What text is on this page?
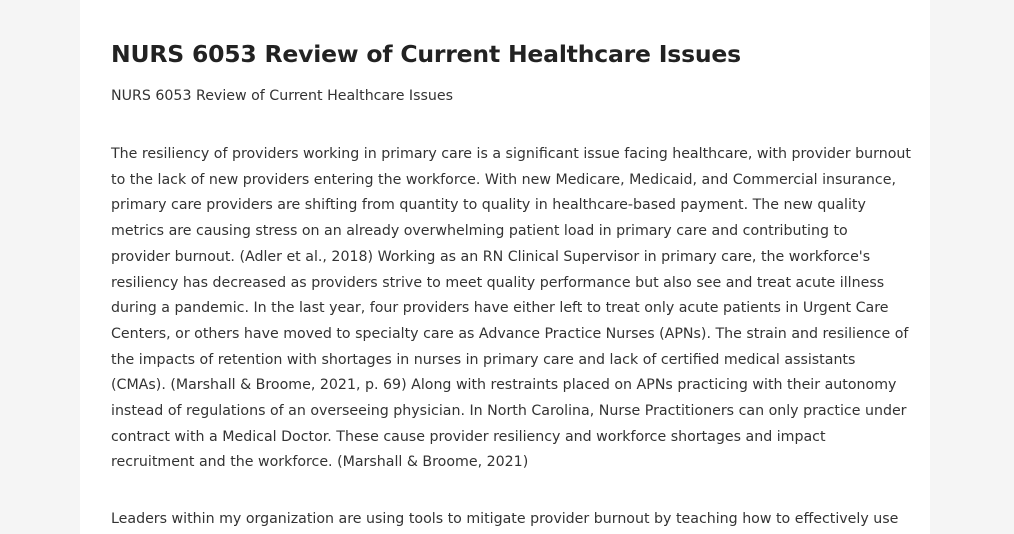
NURS 6053 Review of Current Healthcare Issues

NURS 6053 Review of Current Healthcare Issues

The resiliency of providers working in primary care is a significant issue facing healthcare, with provider burnout
to the lack of new providers entering the workforce. With new Medicare, Medicaid, and Commercial insurance,
primary care providers are shifting from quantity to quality in healthcare-based payment. The new quality
metrics are causing stress on an already overwhelming patient load in primary care and contributing to
provider burnout. (Adler et al., 2018) Working as an RN Clinical Supervisor in primary care, the workforce's
resiliency has decreased as providers strive to meet quality performance but also see and treat acute illness
during a pandemic. In the last year, four providers have either left to treat only acute patients in Urgent Care
Centers, or others have moved to specialty care as Advance Practice Nurses (APNs). The strain and resilience of
the impacts of retention with shortages in nurses in primary care and lack of certified medical assistants
(CMAs). (Marshall & Broome, 2021, p. 69) Along with restraints placed on APNs practicing with their autonomy
instead of regulations of an overseeing physician. In North Carolina, Nurse Practitioners can only practice under
contract with a Medical Doctor. These cause provider resiliency and workforce shortages and impact
recruitment and the workforce. (Marshall & Broome, 2021)

Leaders within my organization are using tools to mitigate provider burnout by teaching how to effectively use
